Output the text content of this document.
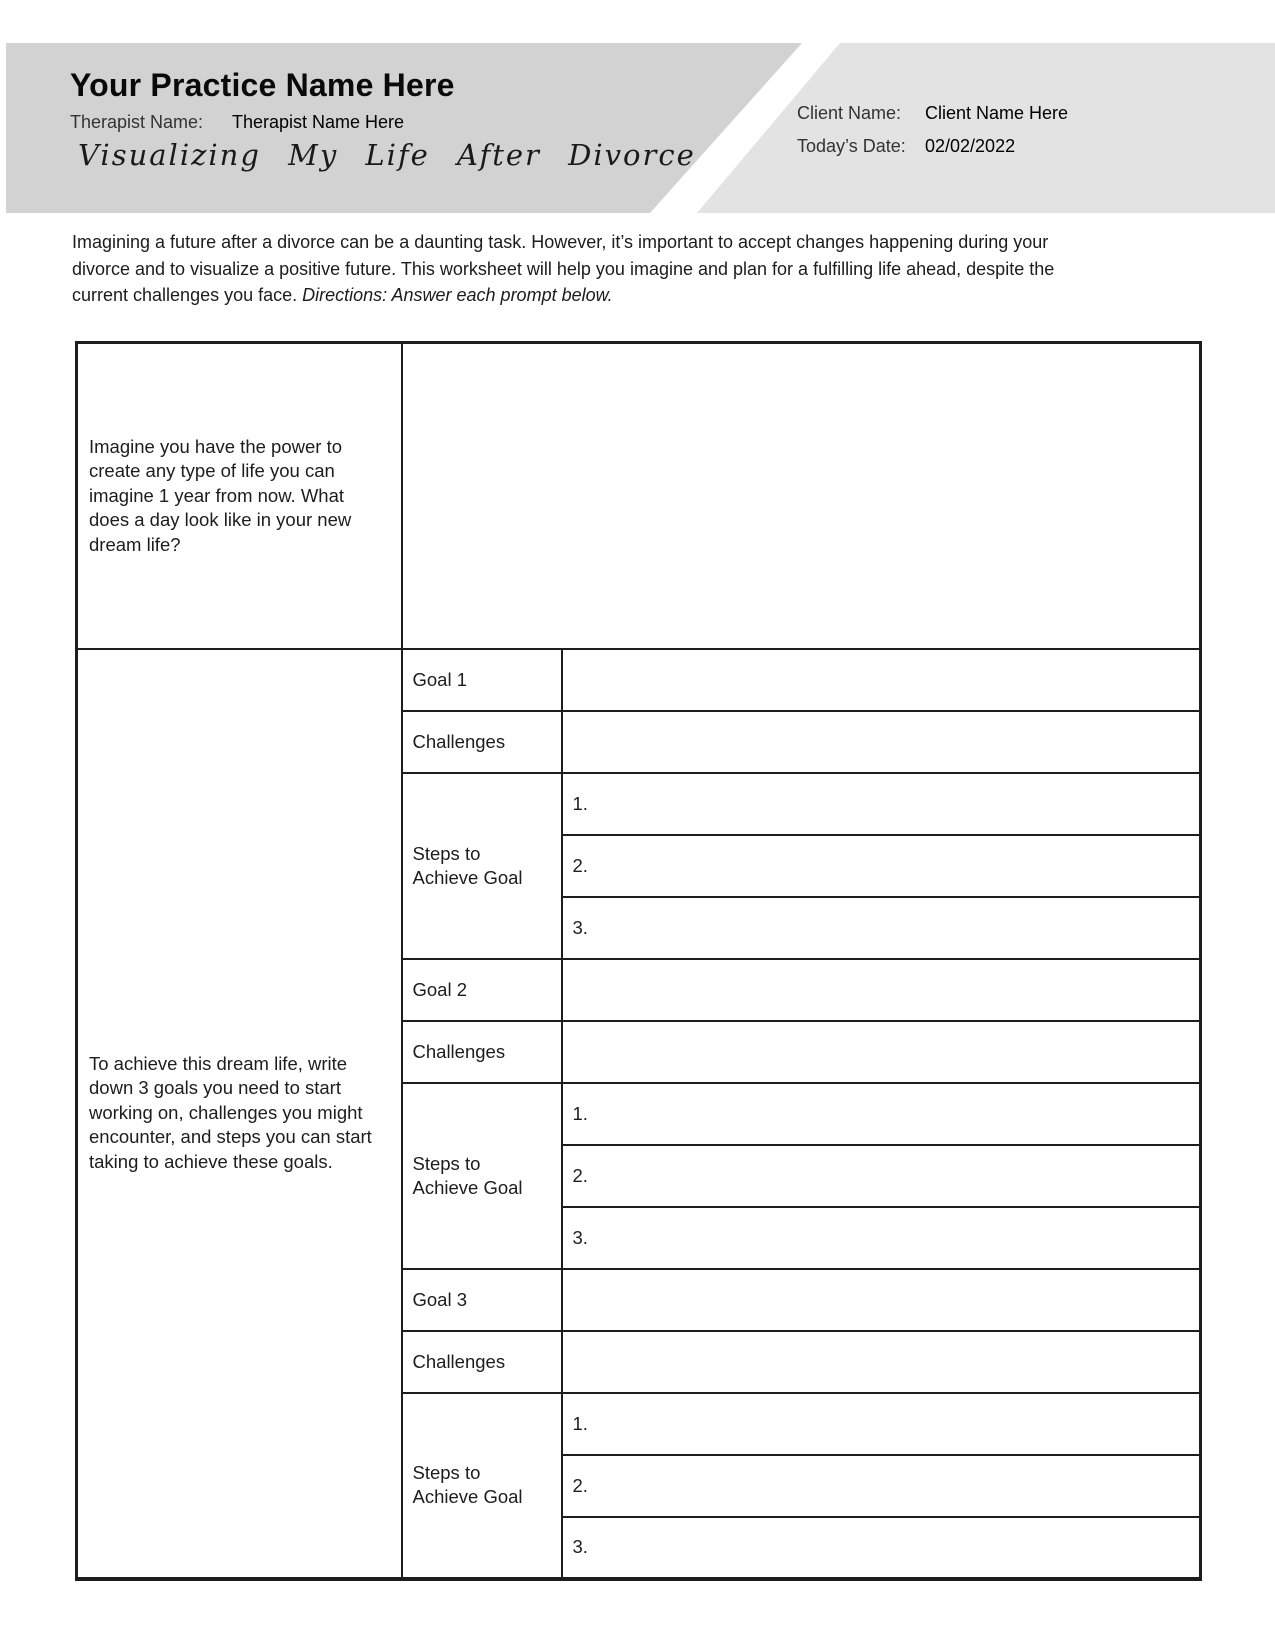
Your Practice Name Here
Therapist Name: Therapist Name Here
Visualizing My Life After Divorce
Client Name: Client Name Here
Today’s Date: 02/02/2022
Imagining a future after a divorce can be a daunting task. However, it’s important to accept changes happening during your
divorce and to visualize a positive future. This worksheet will help you imagine and plan for a fulfilling life ahead, despite the
current challenges you face. Directions: Answer each prompt below.
Imagine you have the power to create any type of life you can imagine 1 year from now. What does a day look like in your new dream life?		
To achieve this dream life, write down 3 goals you need to start working on, challenges you might encounter, and steps you can start taking to achieve these goals.	Goal 1	
	Challenges	
	Steps to Achieve Goal	1.
		2.
		3.
	Goal 2	
	Challenges	
	Steps to Achieve Goal	1.
		2.
		3.
	Goal 3	
	Challenges	
	Steps to Achieve Goal	1.
		2.
		3.
